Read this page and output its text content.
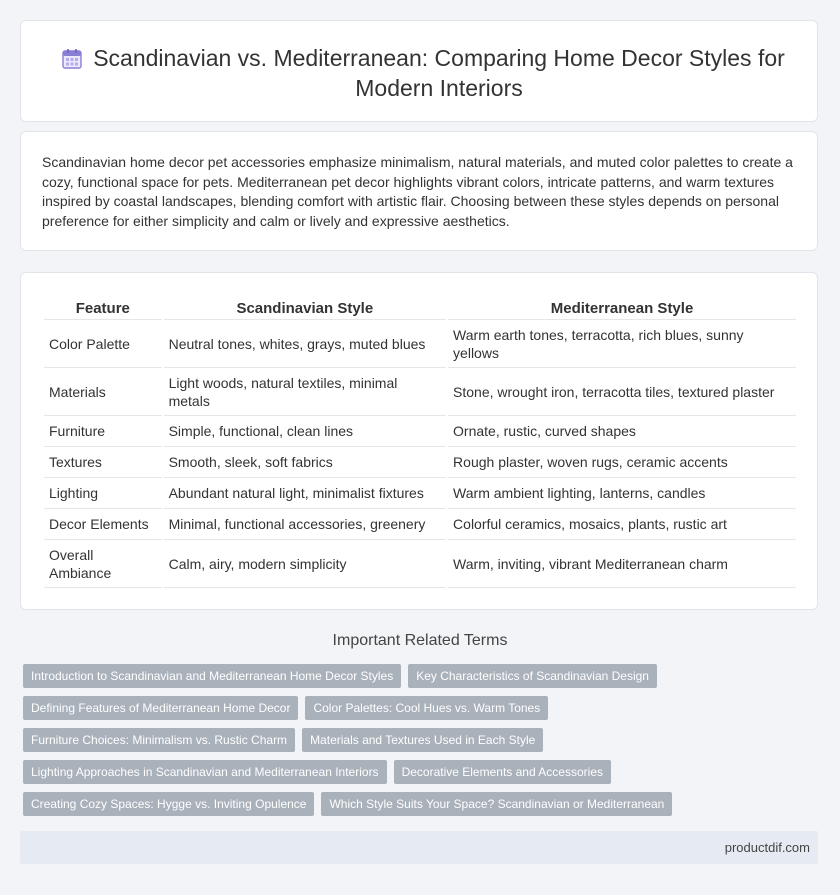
Scandinavian vs. Mediterranean: Comparing Home Decor Styles for Modern Interiors
Scandinavian home decor pet accessories emphasize minimalism, natural materials, and muted color palettes to create a cozy, functional space for pets. Mediterranean pet decor highlights vibrant colors, intricate patterns, and warm textures inspired by coastal landscapes, blending comfort with artistic flair. Choosing between these styles depends on personal preference for either simplicity and calm or lively and expressive aesthetics.
Feature	Scandinavian Style	Mediterranean Style
Color Palette	Neutral tones, whites, grays, muted blues	Warm earth tones, terracotta, rich blues, sunny yellows
Materials	Light woods, natural textiles, minimal metals	Stone, wrought iron, terracotta tiles, textured plaster
Furniture	Simple, functional, clean lines	Ornate, rustic, curved shapes
Textures	Smooth, sleek, soft fabrics	Rough plaster, woven rugs, ceramic accents
Lighting	Abundant natural light, minimalist fixtures	Warm ambient lighting, lanterns, candles
Decor Elements	Minimal, functional accessories, greenery	Colorful ceramics, mosaics, plants, rustic art
Overall Ambiance	Calm, airy, modern simplicity	Warm, inviting, vibrant Mediterranean charm
Important Related Terms
Introduction to Scandinavian and Mediterranean Home Decor Styles Key Characteristics of Scandinavian Design
Defining Features of Mediterranean Home Decor Color Palettes: Cool Hues vs. Warm Tones
Furniture Choices: Minimalism vs. Rustic Charm Materials and Textures Used in Each Style
Lighting Approaches in Scandinavian and Mediterranean Interiors Decorative Elements and Accessories
Creating Cozy Spaces: Hygge vs. Inviting Opulence Which Style Suits Your Space? Scandinavian or Mediterranean
productdif.com
